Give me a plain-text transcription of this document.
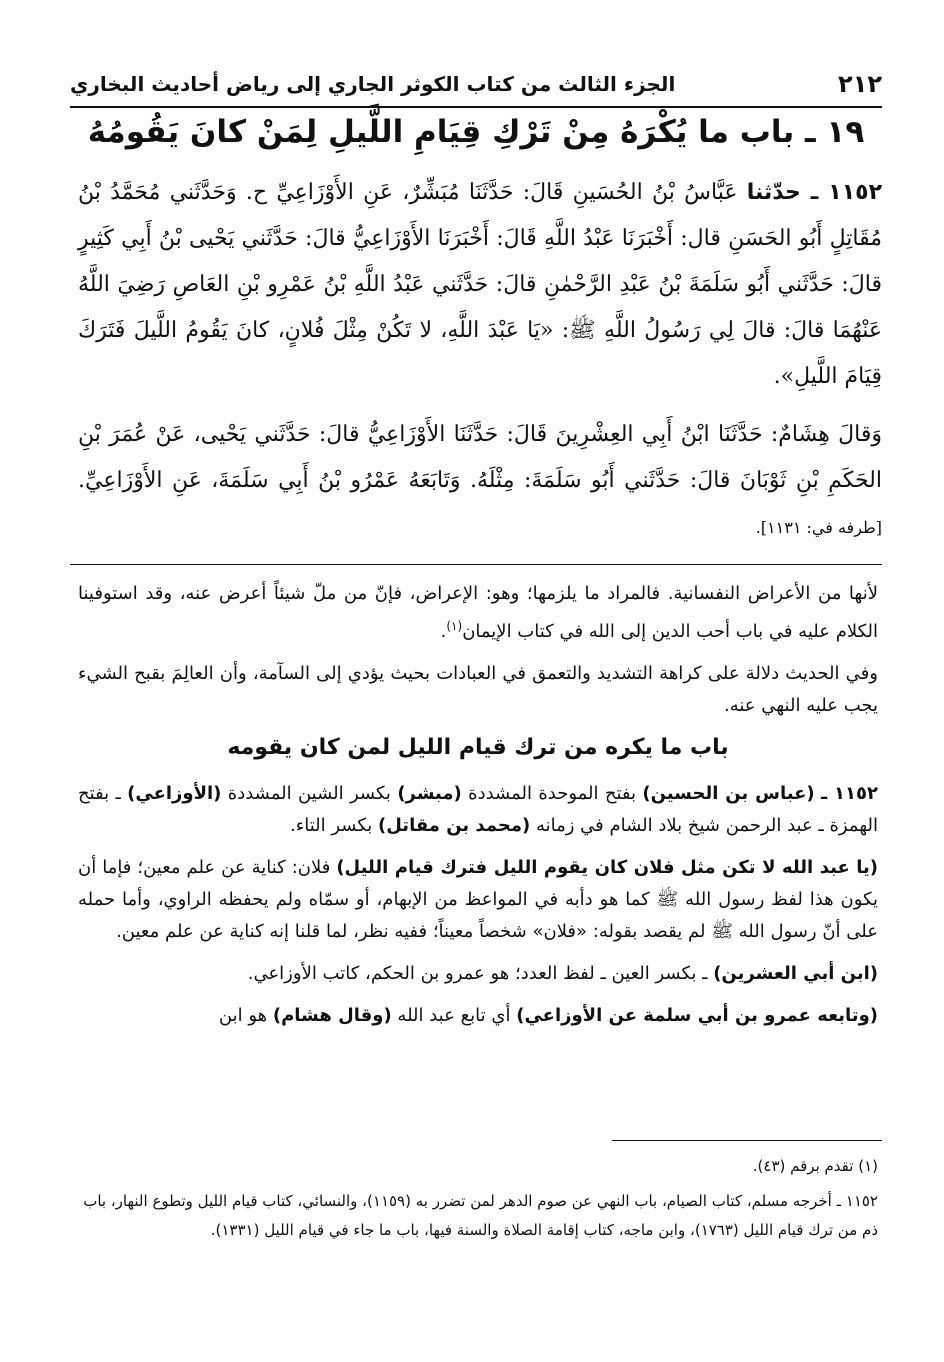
٢١٢
الجزء الثالث من كتاب الكوثر الجاري إلى رياض أحاديث البخاري
١٩ ـ باب ما يُكْرَهُ مِنْ تَرْكِ قِيَامِ اللَّيلِ لِمَنْ كانَ يَقُومُهُ

١١٥٢ ـ حدّثنا عَبَّاسُ بْنُ الحُسَينِ قَالَ: حَدَّثَنَا مُبَشِّرٌ، عَنِ الأَوْزَاعِيِّ ح. وَحَدَّثَني مُحَمَّدُ بْنُ مُقَاتِلٍ أَبُو الحَسَنِ قال: أَخْبَرَنَا عَبْدُ اللَّهِ قَالَ: أَخْبَرَنَا الأَوْزَاعِيُّ قالَ: حَدَّثَني يَحْيى بْنُ أَبِي كَثِيرٍ قالَ: حَدَّثَني أَبُو سَلَمَةَ بْنُ عَبْدِ الرَّحْمٰنِ قالَ: حَدَّثَني عَبْدُ اللَّهِ بْنُ عَمْرِو بْنِ العَاصِ رَضِيَ اللَّهُ عَنْهُمَا قالَ: قالَ لِي رَسُولُ اللَّهِ ﷺ: «يَا عَبْدَ اللَّهِ، لا تَكُنْ مِثْلَ فُلانٍ، كانَ يَقُومُ اللَّيلَ فَتَرَكَ قِيَامَ اللَّيلِ».

وَقالَ هِشَامٌ: حَدَّثَنَا ابْنُ أَبِي العِشْرِينَ قَالَ: حَدَّثَنَا الأَوْزَاعِيُّ قالَ: حَدَّثَني يَحْيى، عَنْ عُمَرَ بْنِ الحَكَمِ بْنِ ثَوْبَانَ قالَ: حَدَّثَني أَبُو سَلَمَةَ: مِثْلَهُ. وَتَابَعَهُ عَمْرُو بْنُ أَبِي سَلَمَةَ، عَنِ الأَوْزَاعِيِّ. [طرفه في: ١١٣١].

لأنها من الأعراض النفسانية. فالمراد ما يلزمها؛ وهو: الإعراض، فإنّ من ملّ شيئاً أعرض عنه، وقد استوفينا الكلام عليه في باب أحب الدين إلى الله في كتاب الإيمان$^{(١)}$.

وفي الحديث دلالة على كراهة التشديد والتعمق في العبادات بحيث يؤدي إلى السآمة، وأن العالِمَ بقبح الشيء يجب عليه النهي عنه.

باب ما يكره من ترك قيام الليل لمن كان يقومه

١١٥٢ ـ (عباس بن الحسين) بفتح الموحدة المشددة (مبشر) بكسر الشين المشددة (الأوزاعي) ـ بفتح الهمزة ـ عبد الرحمن شيخ بلاد الشام في زمانه (محمد بن مقاتل) بكسر التاء.

(يا عبد الله لا تكن مثل فلان كان يقوم الليل فترك قيام الليل) فلان: كناية عن علم معين؛ فإما أن يكون هذا لفظ رسول الله ﷺ كما هو دأبه في المواعظ من الإبهام، أو سمّاه ولم يحفظه الراوي، وأما حمله على أنّ رسول الله ﷺ لم يقصد بقوله: «فلان» شخصاً معيناً؛ ففيه نظر، لما قلنا إنه كناية عن علم معين.

(ابن أبي العشرين) ـ بكسر العين ـ لفظ العدد؛ هو عمرو بن الحكم، كاتب الأوزاعي.

(وتابعه عمرو بن أبي سلمة عن الأوزاعي) أي تابع عبد الله (وقال هشام) هو ابن

(١) تقدم برقم (٤٣).

١١٥٢ ـ أخرجه مسلم، كتاب الصيام، باب النهي عن صوم الدهر لمن تضرر به (١١٥٩)، والنسائي، كتاب قيام الليل وتطوع النهار، باب ذم من ترك قيام الليل (١٧٦٣)، وابن ماجه، كتاب إقامة الصلاة والسنة فيها، باب ما جاء في قيام الليل (١٣٣١).
